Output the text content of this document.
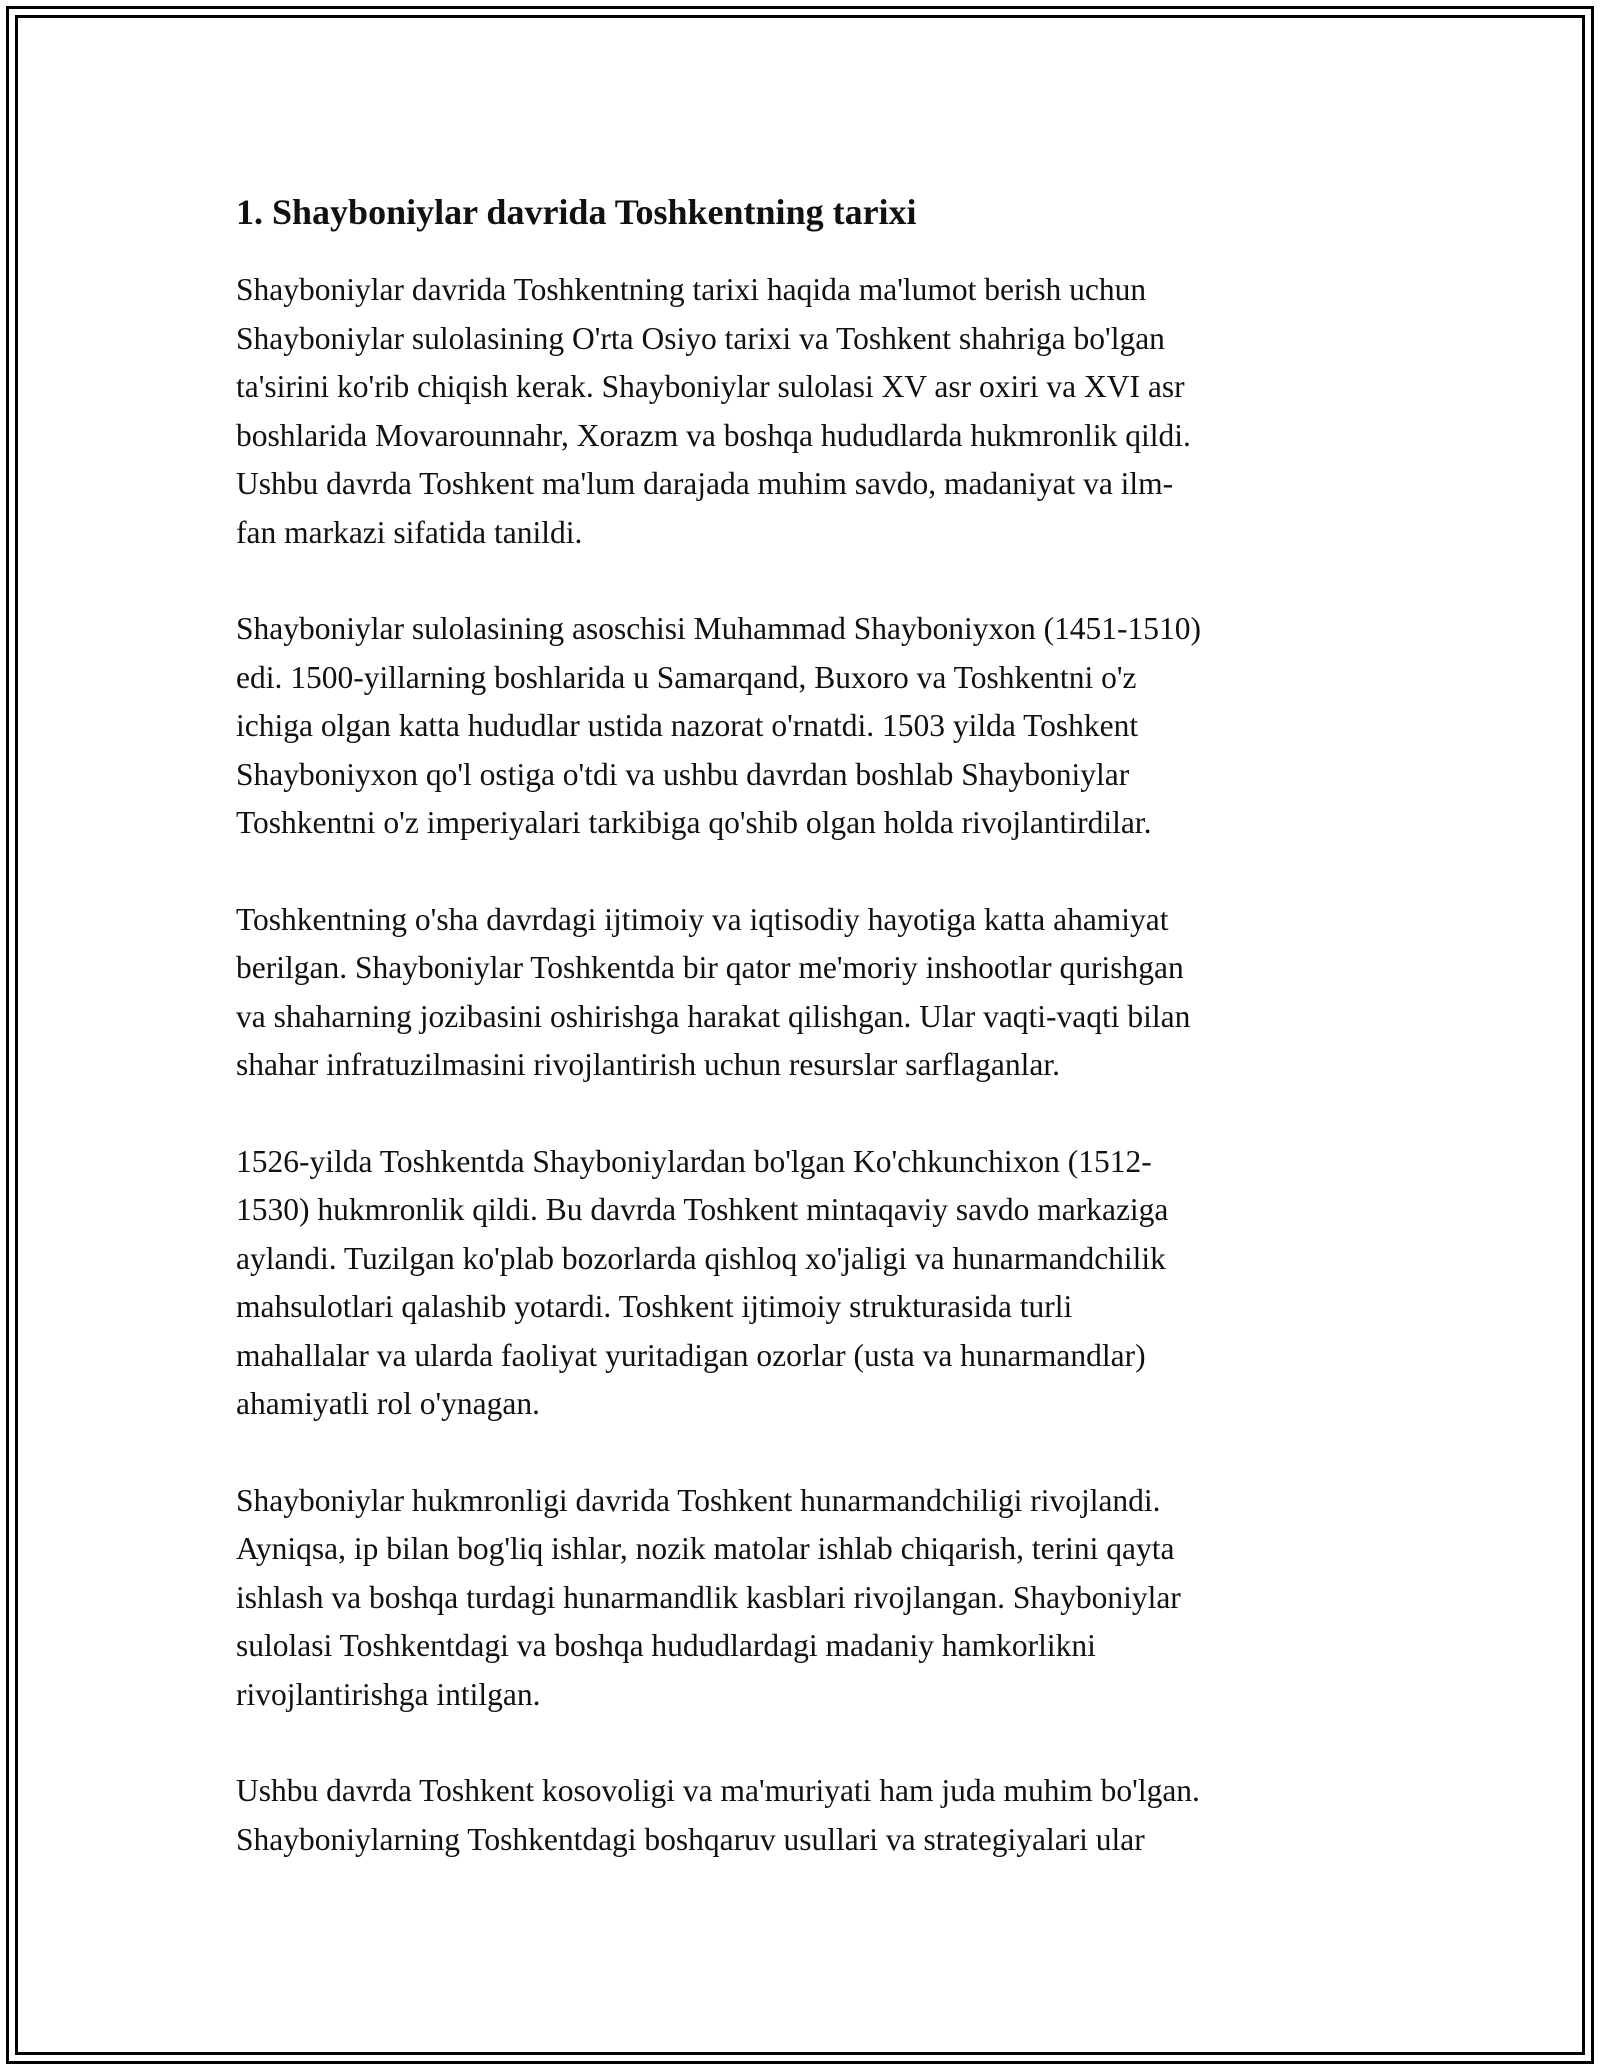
1. Shayboniylar davrida Toshkentning tarixi

Shayboniylar davrida Toshkentning tarixi haqida ma'lumot berish uchun
Shayboniylar sulolasining O'rta Osiyo tarixi va Toshkent shahriga bo'lgan
ta'sirini ko'rib chiqish kerak. Shayboniylar sulolasi XV asr oxiri va XVI asr
boshlarida Movarounnahr, Xorazm va boshqa hududlarda hukmronlik qildi.
Ushbu davrda Toshkent ma'lum darajada muhim savdo, madaniyat va ilm-
fan markazi sifatida tanildi.

Shayboniylar sulolasining asoschisi Muhammad Shayboniyxon (1451-1510)
edi. 1500-yillarning boshlarida u Samarqand, Buxoro va Toshkentni o'z
ichiga olgan katta hududlar ustida nazorat o'rnatdi. 1503 yilda Toshkent
Shayboniyxon qo'l ostiga o'tdi va ushbu davrdan boshlab Shayboniylar
Toshkentni o'z imperiyalari tarkibiga qo'shib olgan holda rivojlantirdilar.

Toshkentning o'sha davrdagi ijtimoiy va iqtisodiy hayotiga katta ahamiyat
berilgan. Shayboniylar Toshkentda bir qator me'moriy inshootlar qurishgan
va shaharning jozibasini oshirishga harakat qilishgan. Ular vaqti-vaqti bilan
shahar infratuzilmasini rivojlantirish uchun resurslar sarflaganlar.

1526-yilda Toshkentda Shayboniylardan bo'lgan Ko'chkunchixon (1512-
1530) hukmronlik qildi. Bu davrda Toshkent mintaqaviy savdo markaziga
aylandi. Tuzilgan ko'plab bozorlarda qishloq xo'jaligi va hunarmandchilik
mahsulotlari qalashib yotardi. Toshkent ijtimoiy strukturasida turli
mahallalar va ularda faoliyat yuritadigan ozorlar (usta va hunarmandlar)
ahamiyatli rol o'ynagan.

Shayboniylar hukmronligi davrida Toshkent hunarmandchiligi rivojlandi.
Ayniqsa, ip bilan bog'liq ishlar, nozik matolar ishlab chiqarish, terini qayta
ishlash va boshqa turdagi hunarmandlik kasblari rivojlangan. Shayboniylar
sulolasi Toshkentdagi va boshqa hududlardagi madaniy hamkorlikni
rivojlantirishga intilgan.

Ushbu davrda Toshkent kosovoligi va ma'muriyati ham juda muhim bo'lgan.
Shayboniylarning Toshkentdagi boshqaruv usullari va strategiyalari ular
